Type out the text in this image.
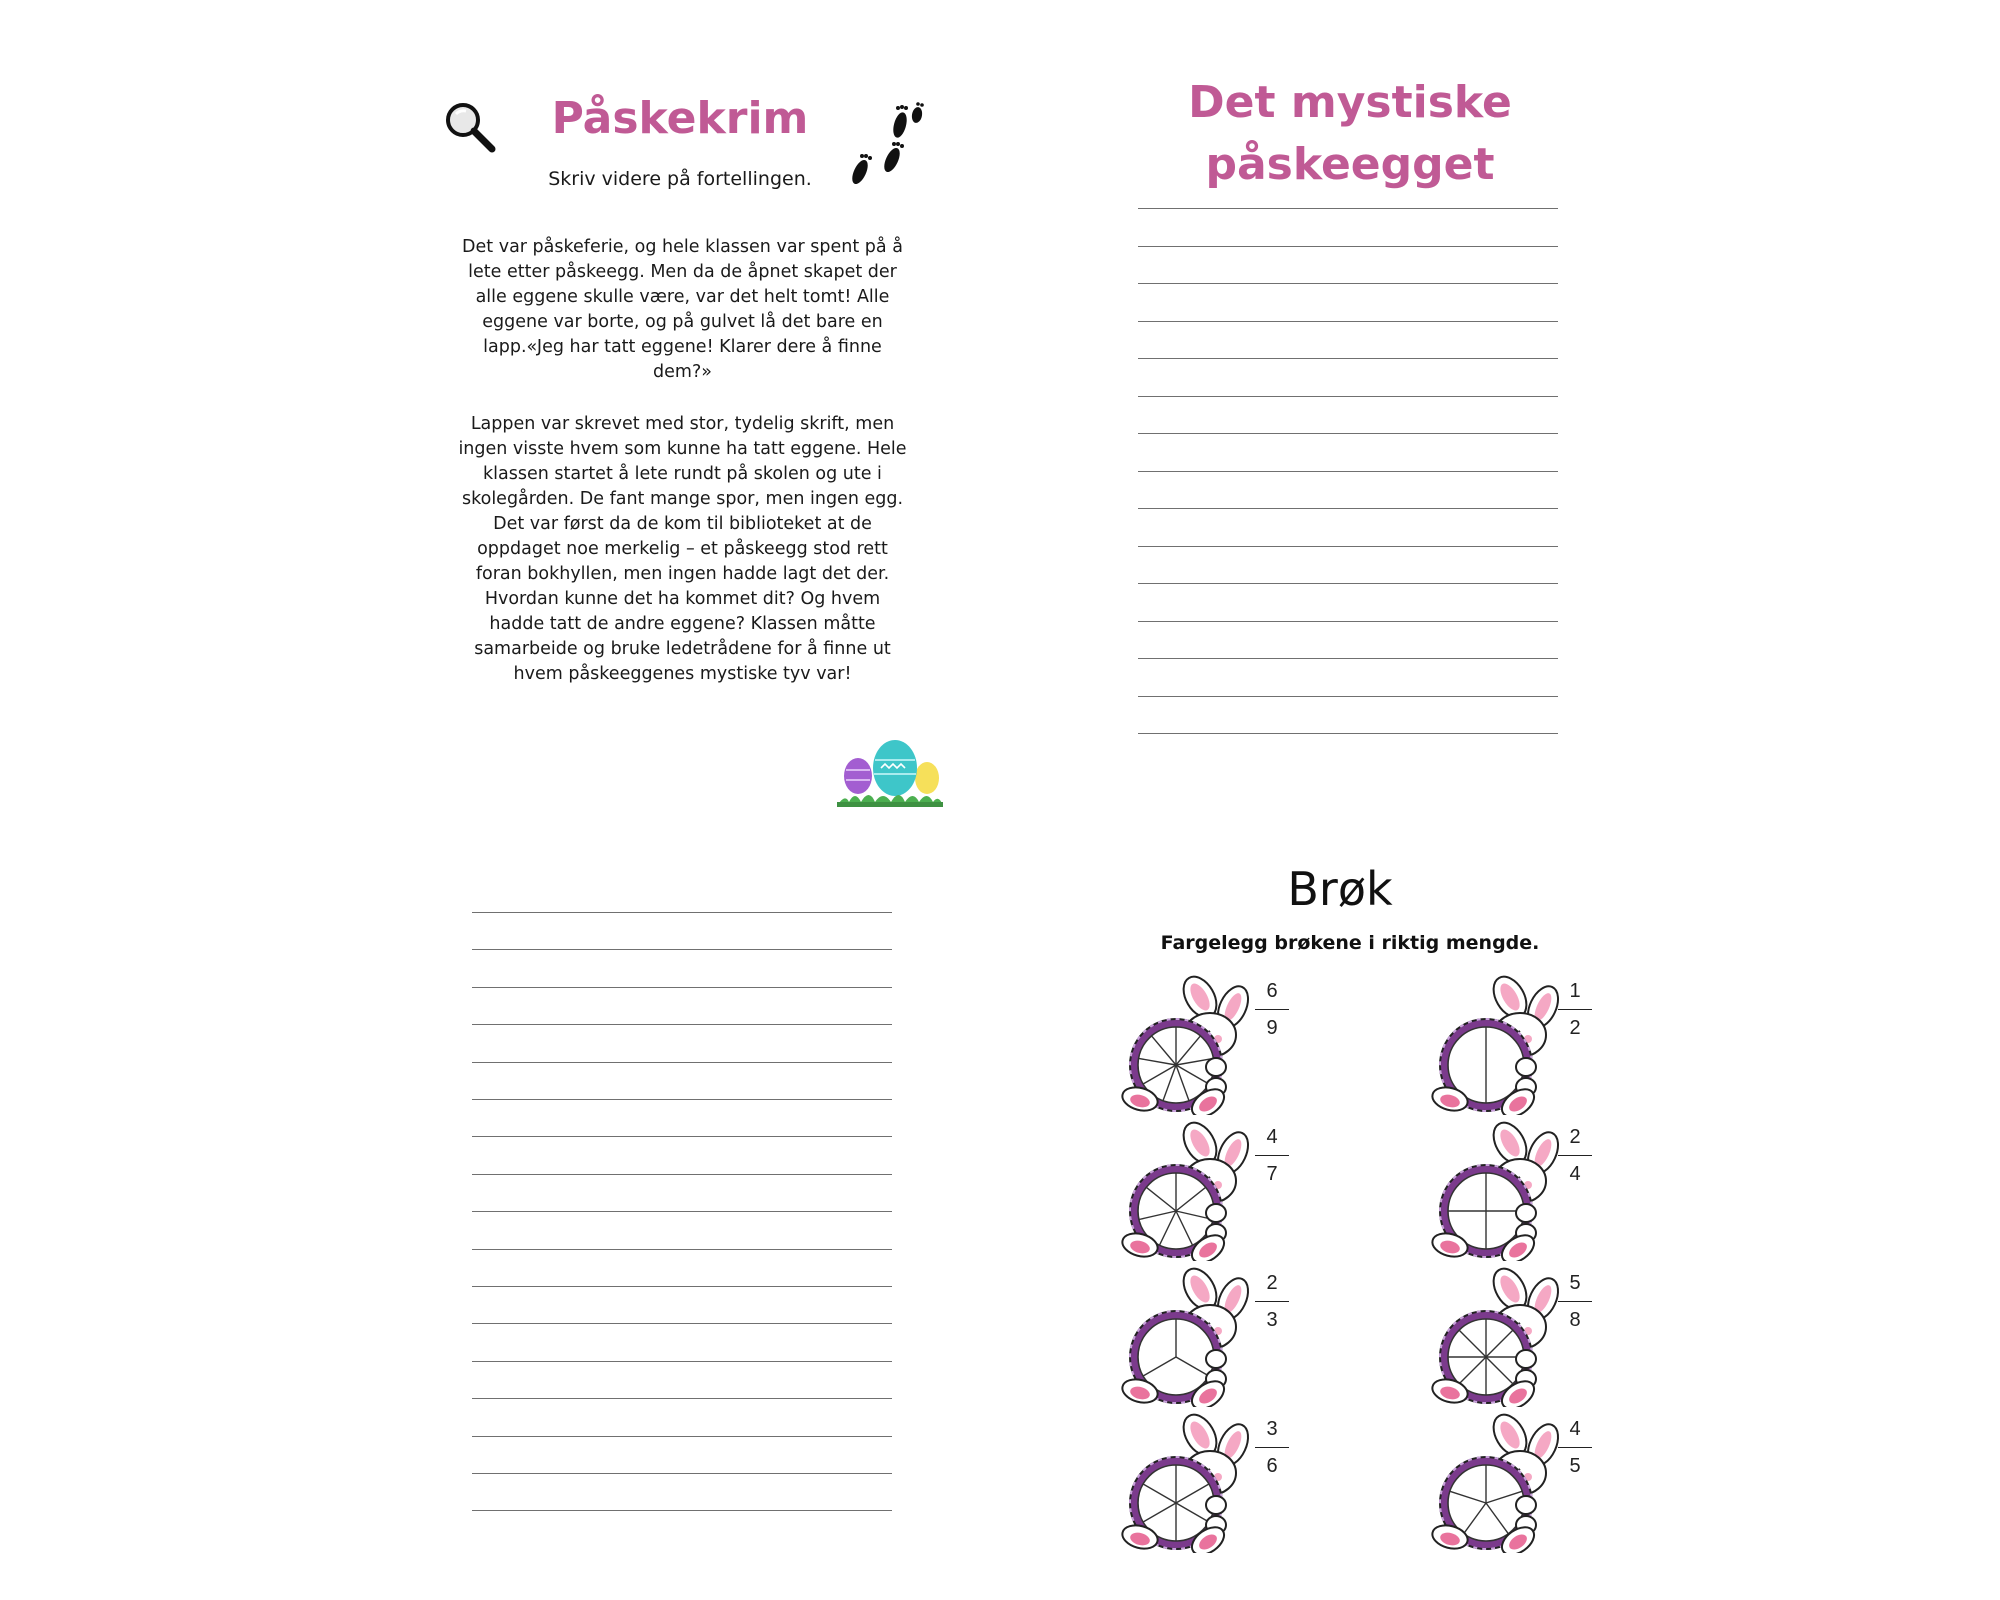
Påskekrim
Skriv videre på fortellingen.

Det var påskeferie, og hele klassen var spent på å lete etter påskeegg. Men da de åpnet skapet der alle eggene skulle være, var det helt tomt! Alle eggene var borte, og på gulvet lå det bare en lapp.«Jeg har tatt eggene! Klarer dere å finne dem?»

Lappen var skrevet med stor, tydelig skrift, men ingen visste hvem som kunne ha tatt eggene. Hele klassen startet å lete rundt på skolen og ute i skolegården. De fant mange spor, men ingen egg. Det var først da de kom til biblioteket at de oppdaget noe merkelig – et påskeegg stod rett foran bokhyllen, men ingen hadde lagt det der. Hvordan kunne det ha kommet dit? Og hvem hadde tatt de andre eggene? Klassen måtte samarbeide og bruke ledetrådene for å finne ut hvem påskeeggenes mystiske tyv var!

Det mystiske
påskeegget
Brøk
Fargelegg brøkene i riktig mengde.
6
9
1
2
4
7
2
4
2
3
5
8
3
6
4
5
